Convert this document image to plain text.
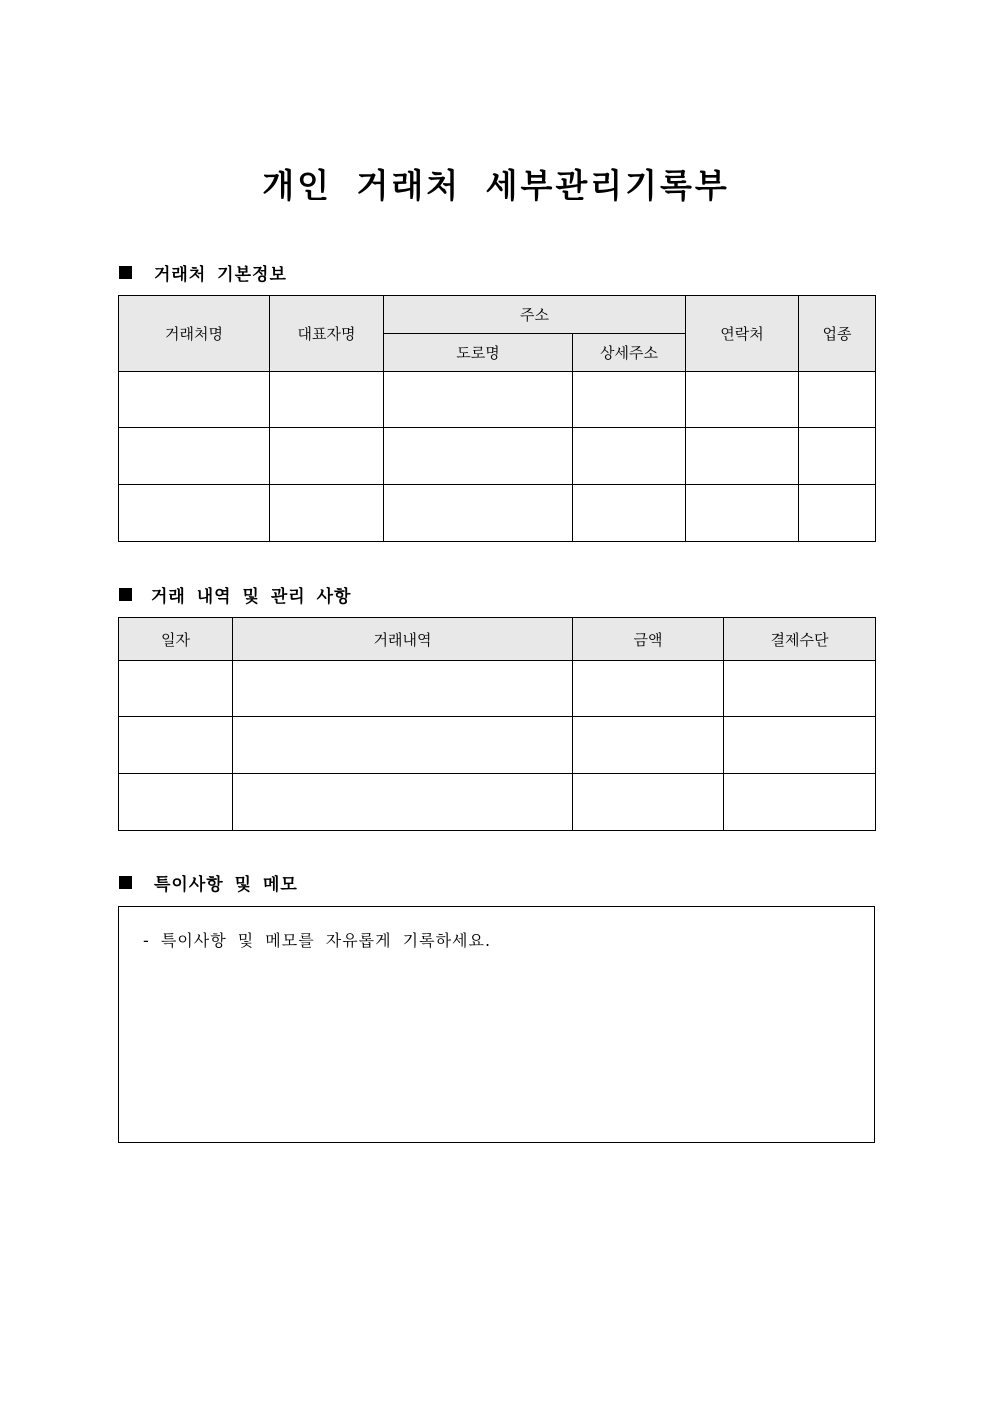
개인 거래처 세부관리기록부
거래처 기본정보
거래처명	대표자명	주소		연락처	업종
		도로명	상세주소		

거래 내역 및 관리 사항
일자	거래내역	금액	결제수단

특이사항 및 메모
- 특이사항 및 메모를 자유롭게 기록하세요.
